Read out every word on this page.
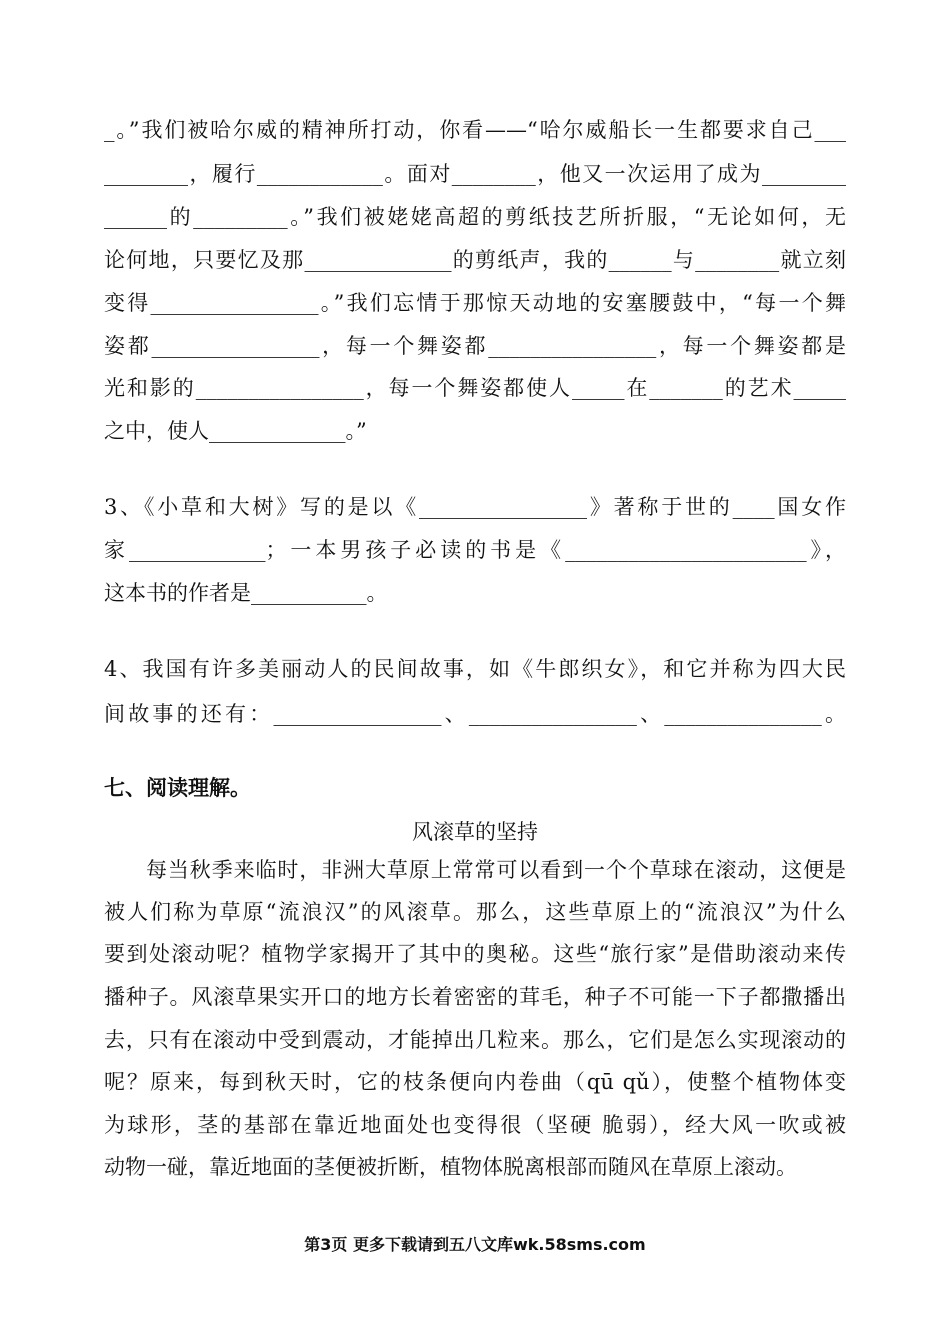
_。”我们被哈尔威的精神所打动，你看——“哈尔威船长一生都要求自己___
________，履行____________。面对________，他又一次运用了成为________
______的_________。”我们被姥姥高超的剪纸技艺所折服，“无论如何，无
论何地，只要忆及那______________的剪纸声，我的______与________就立刻
变得________________。”我们忘情于那惊天动地的安塞腰鼓中，“每一个舞
姿都________________，每一个舞姿都________________，每一个舞姿都是
光和影的________________，每一个舞姿都使人_____在_______的艺术_____
之中，使人_____________。”
3、《小草和大树》写的是以《________________》著称于世的____国女作
家_____________；一本男孩子必读的书是《_______________________》，
这本书的作者是___________。
4、我国有许多美丽动人的民间故事，如《牛郎织女》，和它并称为四大民
间故事的还有：________________、________________、_______________。
七、阅读理解。
风滚草的坚持
每当秋季来临时，非洲大草原上常常可以看到一个个草球在滚动，这便是
被人们称为草原“流浪汉”的风滚草。那么，这些草原上的“流浪汉”为什么
要到处滚动呢？植物学家揭开了其中的奥秘。这些“旅行家”是借助滚动来传
播种子。风滚草果实开口的地方长着密密的茸毛，种子不可能一下子都撒播出
去，只有在滚动中受到震动，才能掉出几粒来。那么，它们是怎么实现滚动的
呢？原来，每到秋天时，它的枝条便向内卷曲（qū qǔ），使整个植物体变
为球形，茎的基部在靠近地面处也变得很（坚硬 脆弱），经大风一吹或被
动物一碰，靠近地面的茎便被折断，植物体脱离根部而随风在草原上滚动。
第3页 更多下载请到五八文库wk.58sms.com
